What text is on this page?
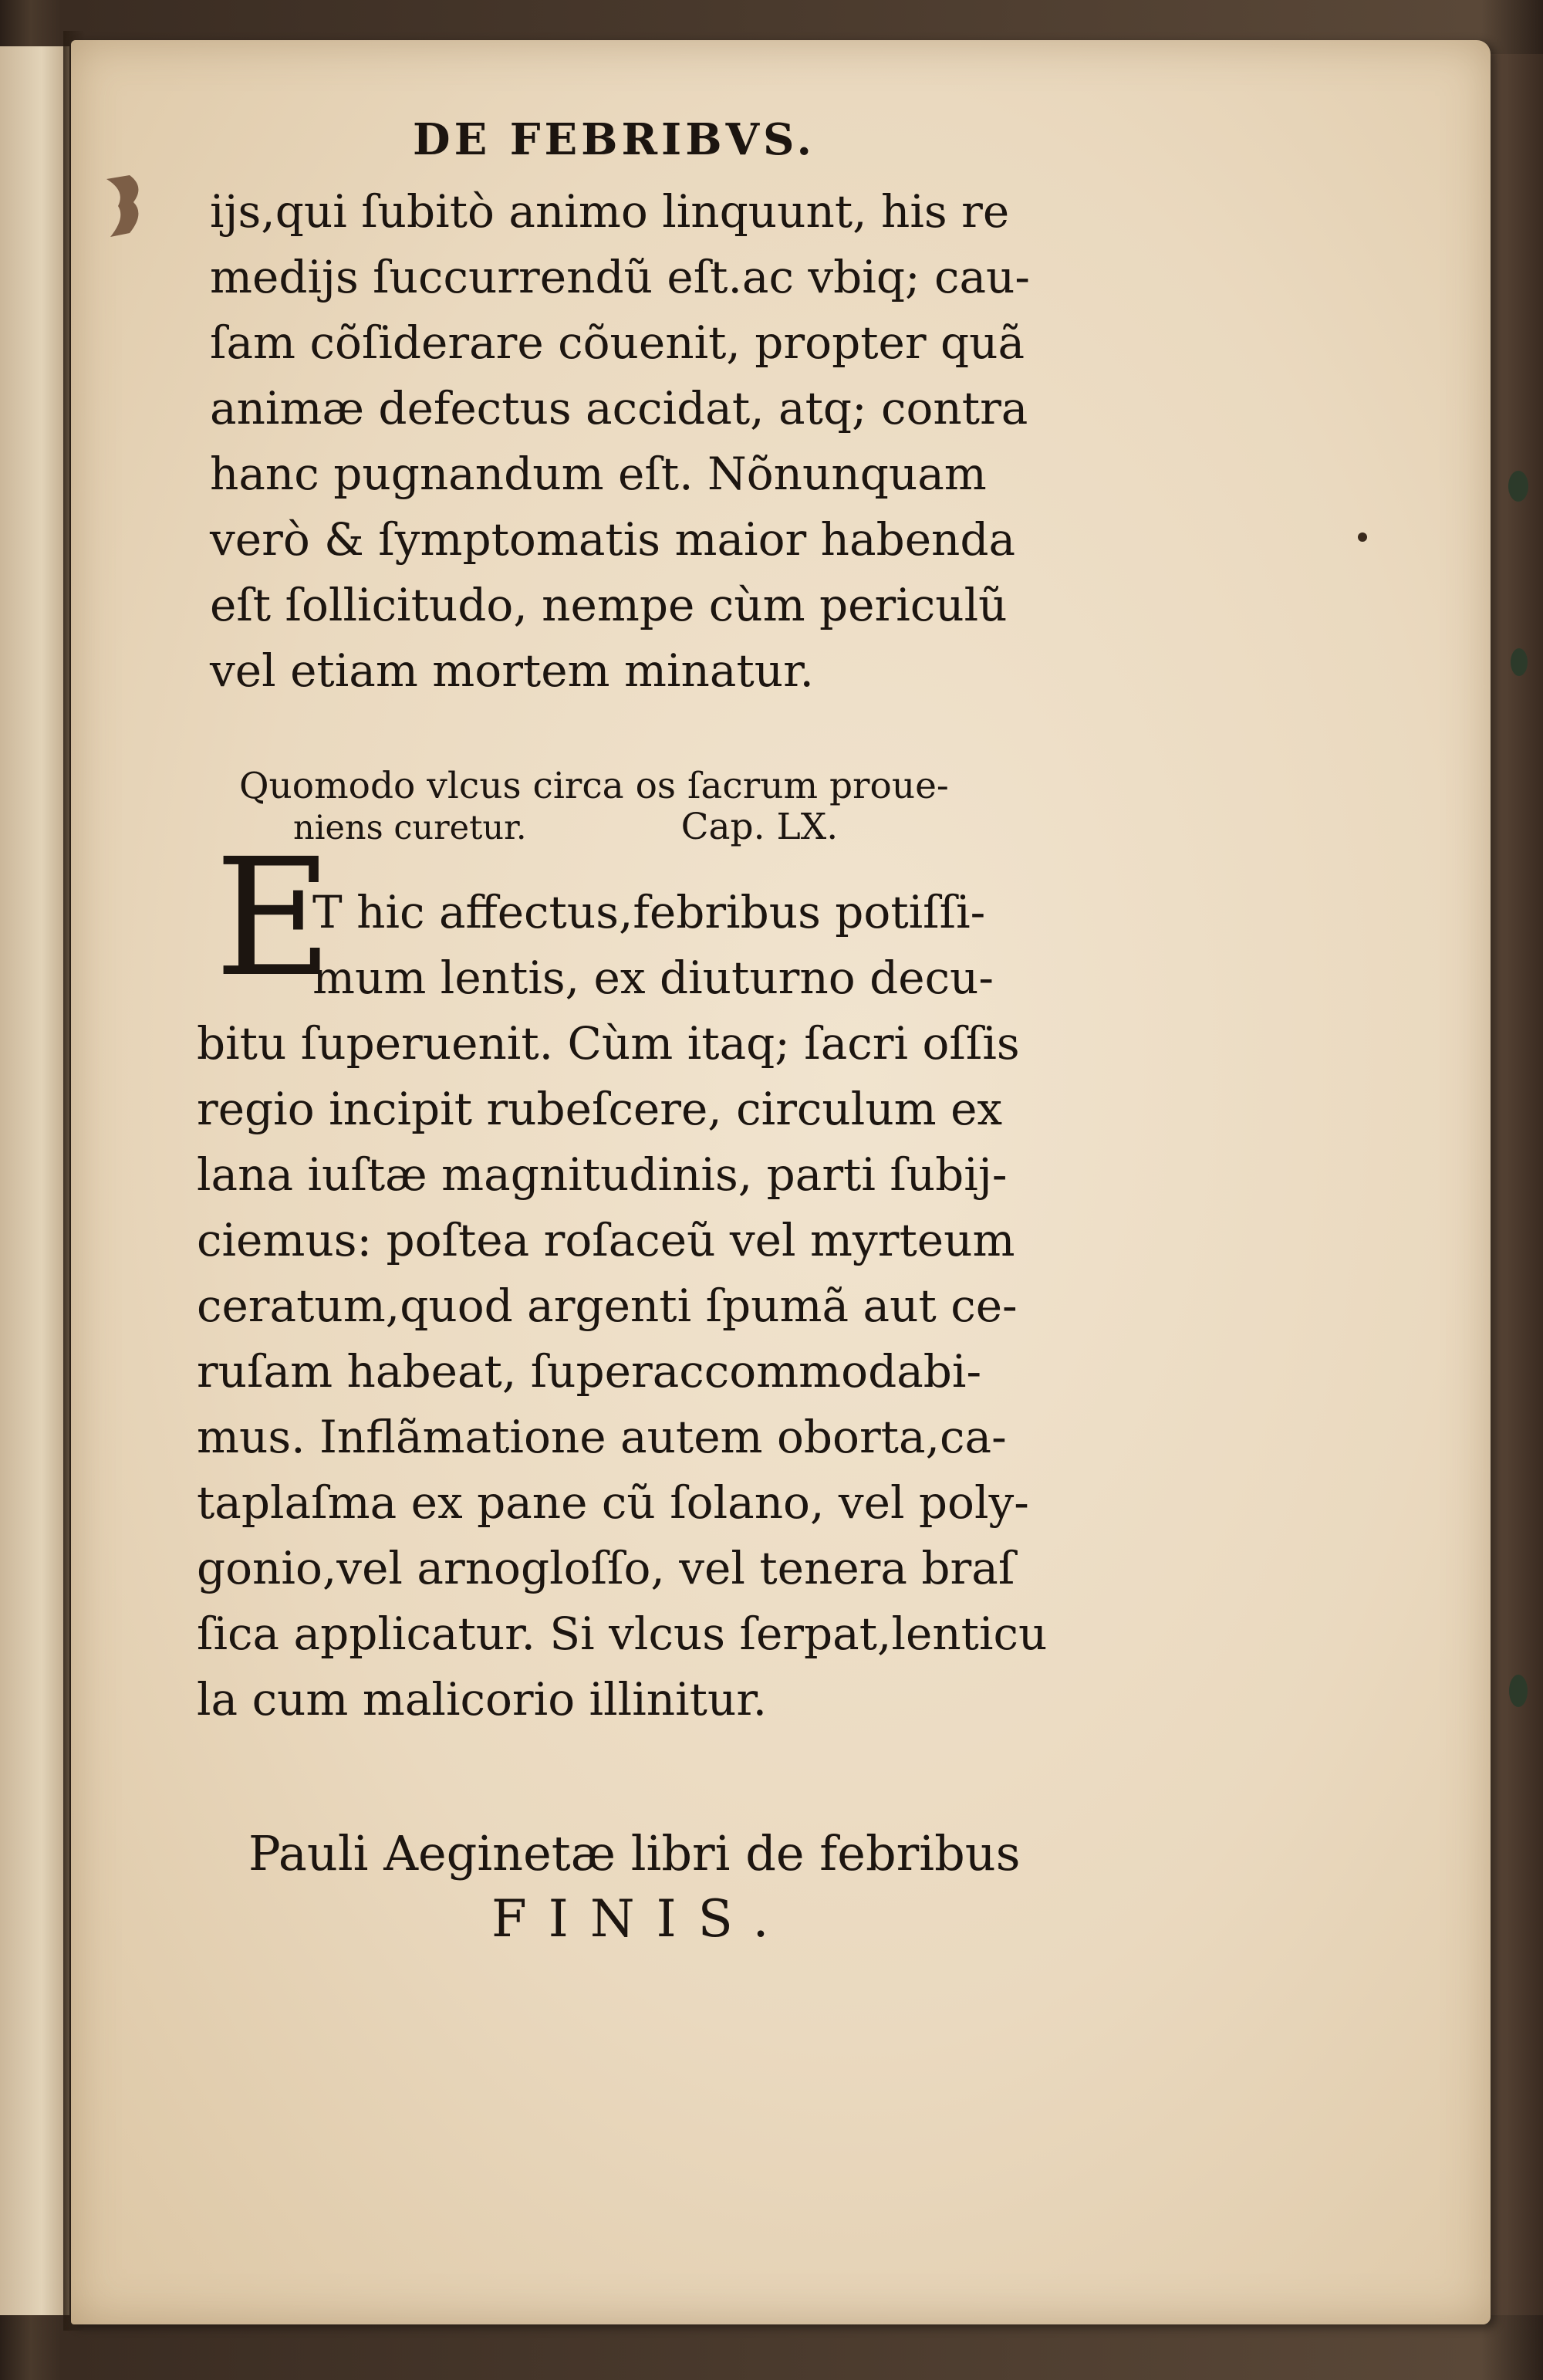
DE FEBRIBVS.
ijs,qui ſubitò animo linquunt, his re
medijs ſuccurrendũ eſt.ac vbiq; cau-
ſam cõſiderare cõuenit, propter quã
animæ defectus accidat, atq; contra
hanc pugnandum eſt. Nõnunquam
verò & ſymptomatis maior habenda
eſt ſollicitudo, nempe cùm periculũ
vel etiam mortem minatur.
Quomodo vlcus circa os ſacrum proue-
niens curetur.	Cap. LX.
E
T hic affectus,febribus potiſſi-
mum lentis, ex diuturno decu-
bitu ſuperuenit. Cùm itaq; ſacri oſſis
regio incipit rubeſcere, circulum ex
lana iuſtæ magnitudinis, parti ſubij-
ciemus: poſtea roſaceũ vel myrteum
ceratum,quod argenti ſpumã aut ce-
ruſam habeat, ſuperaccommodabi-
mus. Inflãmatione autem oborta,ca-
taplaſma ex pane cũ ſolano, vel poly-
gonio,vel arnogloſſo, vel tenera braſ
ſica applicatur. Si vlcus ſerpat,lenticu
la cum malicorio illinitur.
Pauli Aeginetæ libri de febribus
FINIS.
